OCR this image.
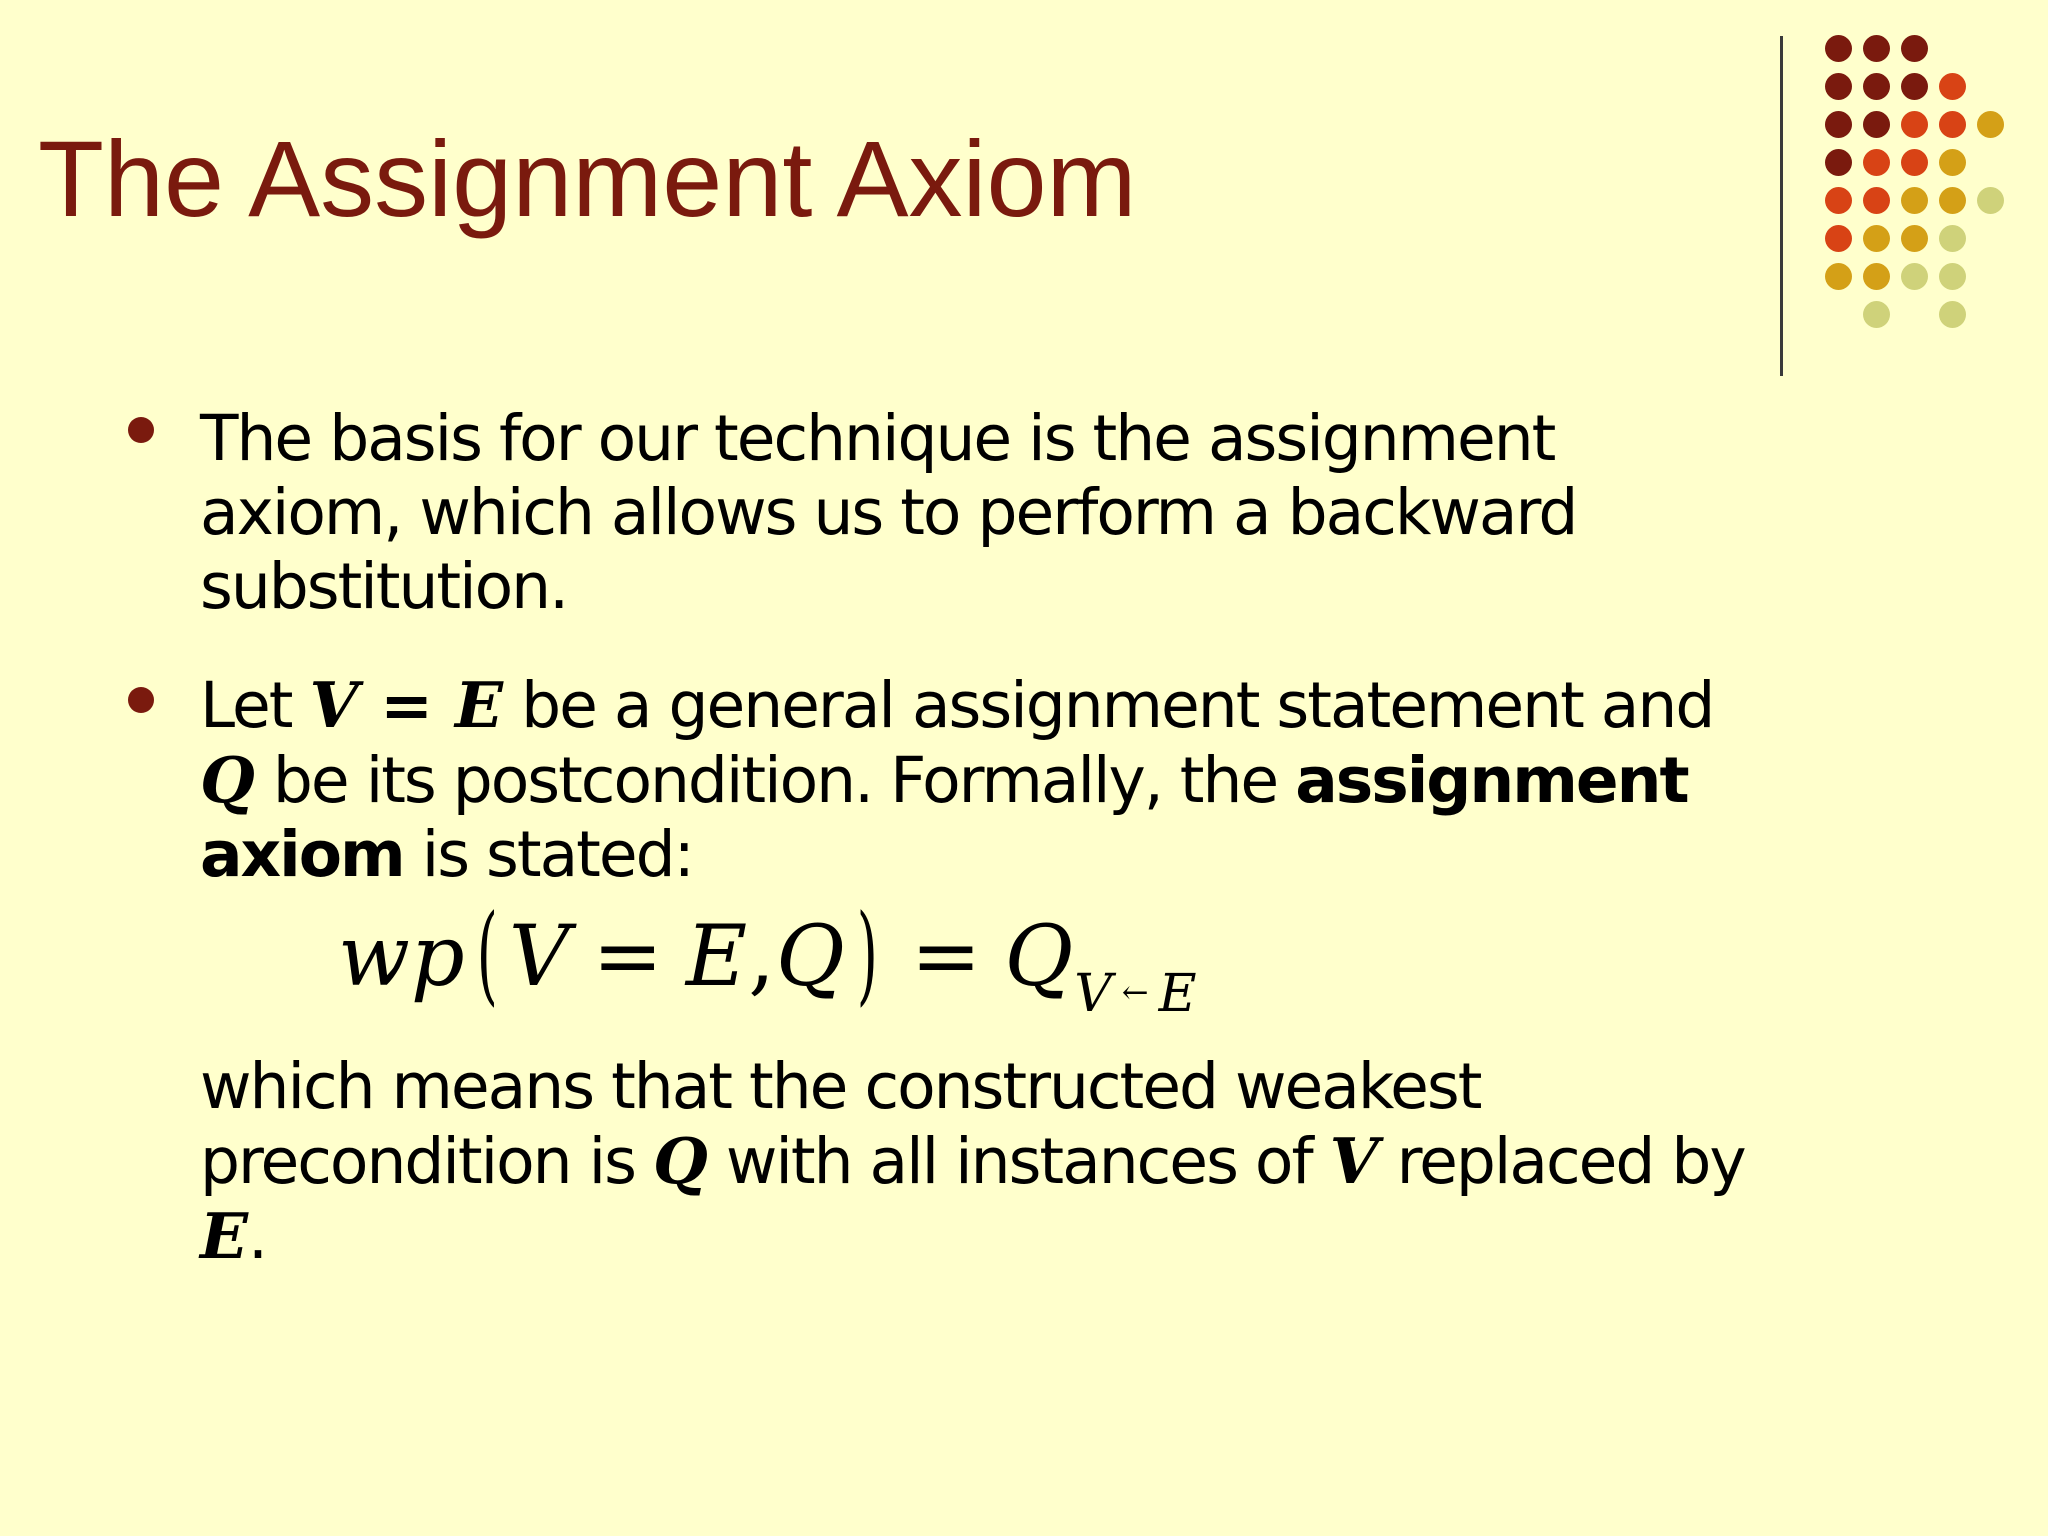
The Assignment Axiom
The basis for our technique is the assignment axiom, which allows us to perform a backward substitution.
Let V = E be a general assignment statement and Q be its postcondition. Formally, the assignment axiom is stated:
wp( $V = E,Q) = Q_{V \leftarrow E}$
which means that the constructed weakest precondition is Q with all instances of V replaced by
E.
